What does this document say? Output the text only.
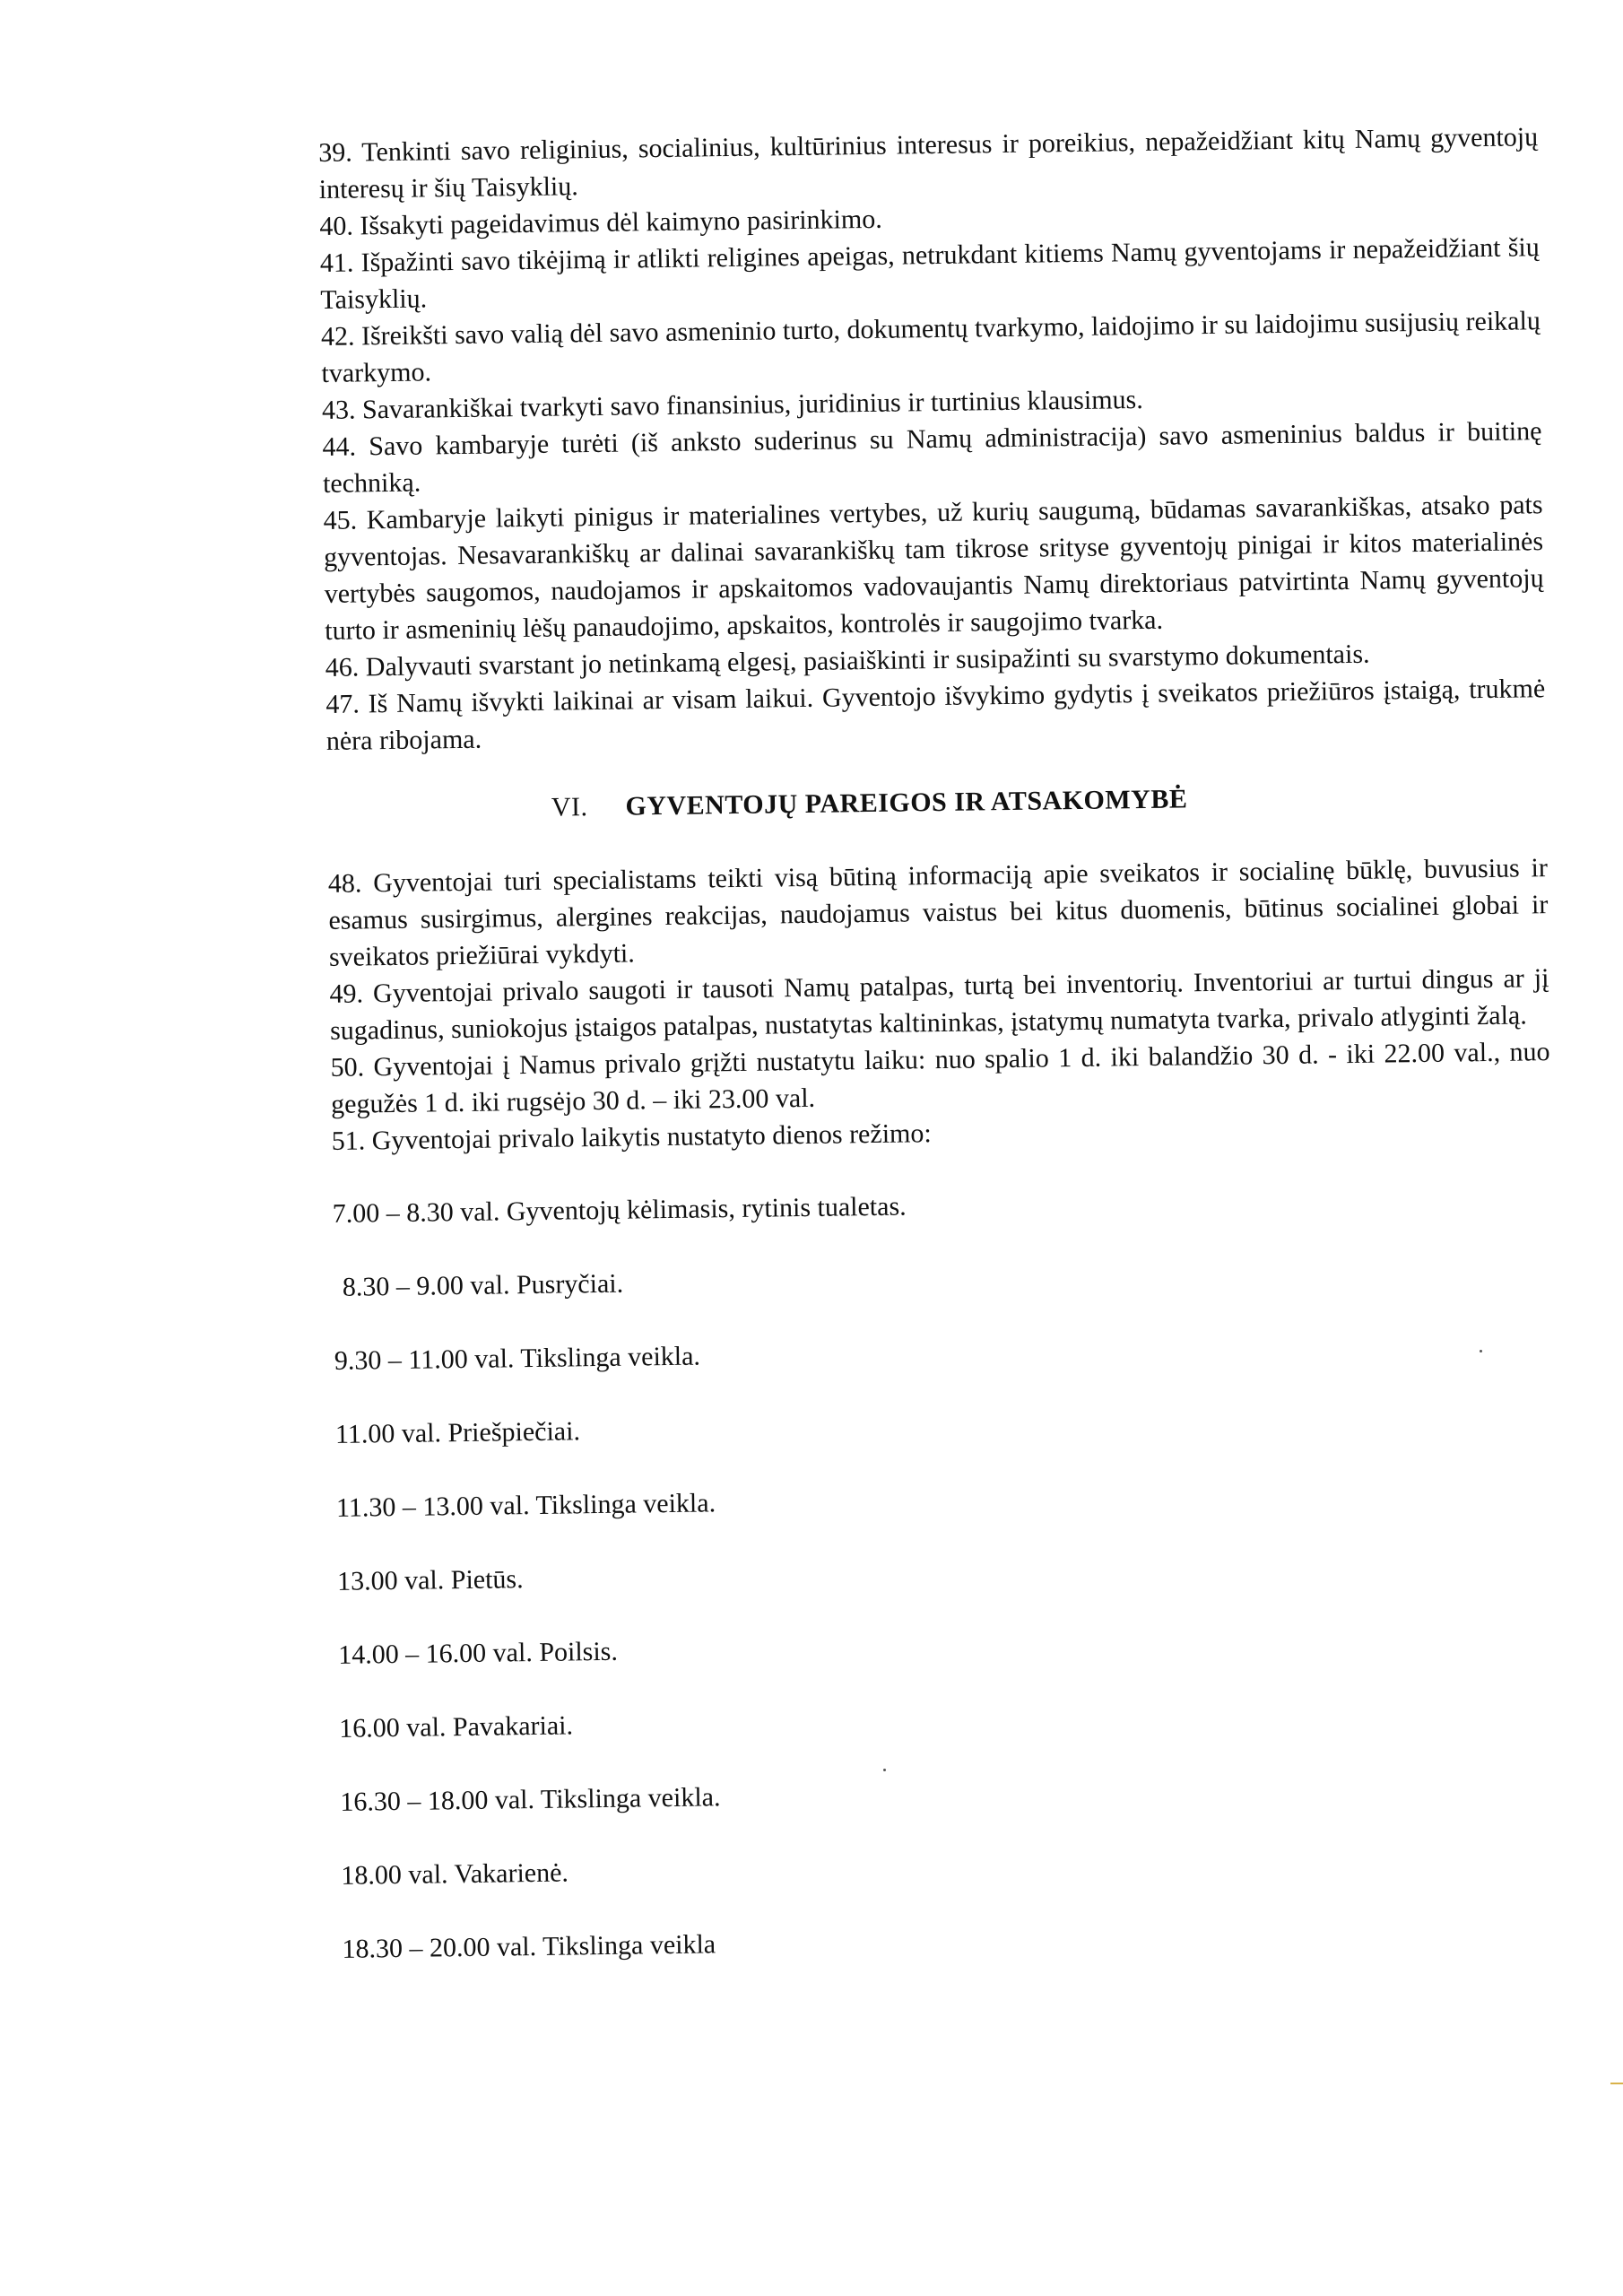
39. Tenkinti savo religinius, socialinius, kultūrinius interesus ir poreikius, nepažeidžiant kitų Namų gyventojų interesų ir šių Taisyklių.

40. Išsakyti pageidavimus dėl kaimyno pasirinkimo.

41. Išpažinti savo tikėjimą ir atlikti religines apeigas, netrukdant kitiems Namų gyventojams ir nepažeidžiant šių Taisyklių.

42. Išreikšti savo valią dėl savo asmeninio turto, dokumentų tvarkymo, laidojimo ir su laidojimu susijusių reikalų tvarkymo.

43. Savarankiškai tvarkyti savo finansinius, juridinius ir turtinius klausimus.

44. Savo kambaryje turėti (iš anksto suderinus su Namų administracija) savo asmeninius baldus ir buitinę techniką.

45. Kambaryje laikyti pinigus ir materialines vertybes, už kurių saugumą, būdamas savarankiškas, atsako pats gyventojas. Nesavarankiškų ar dalinai savarankiškų tam tikrose srityse gyventojų pinigai ir kitos materialinės vertybės saugomos, naudojamos ir apskaitomos vadovaujantis Namų direktoriaus patvirtinta Namų gyventojų turto ir asmeninių lėšų panaudojimo, apskaitos, kontrolės ir saugojimo tvarka.

46. Dalyvauti svarstant jo netinkamą elgesį, pasiaiškinti ir susipažinti su svarstymo dokumentais.

47. Iš Namų išvykti laikinai ar visam laikui. Gyventojo išvykimo gydytis į sveikatos priežiūros įstaigą, trukmė nėra ribojama.

VI. GYVENTOJŲ PAREIGOS IR ATSAKOMYBĖ

48. Gyventojai turi specialistams teikti visą būtiną informaciją apie sveikatos ir socialinę būklę, buvusius ir esamus susirgimus, alergines reakcijas, naudojamus vaistus bei kitus duomenis, būtinus socialinei globai ir sveikatos priežiūrai vykdyti.

49. Gyventojai privalo saugoti ir tausoti Namų patalpas, turtą bei inventorių. Inventoriui ar turtui dingus ar jį sugadinus, suniokojus įstaigos patalpas, nustatytas kaltininkas, įstatymų numatyta tvarka, privalo atlyginti žalą.

50. Gyventojai į Namus privalo grįžti nustatytu laiku: nuo spalio 1 d. iki balandžio 30 d. - iki 22.00 val., nuo gegužės 1 d. iki rugsėjo 30 d. – iki 23.00 val.

51. Gyventojai privalo laikytis nustatyto dienos režimo:

7.00 – 8.30 val. Gyventojų kėlimasis, rytinis tualetas.
8.30 – 9.00 val. Pusryčiai.
9.30 – 11.00 val. Tikslinga veikla.
11.00 val. Priešpiečiai.
11.30 – 13.00 val. Tikslinga veikla.
13.00 val. Pietūs.
14.00 – 16.00 val. Poilsis.
16.00 val. Pavakariai.
16.30 – 18.00 val. Tikslinga veikla.
18.00 val. Vakarienė.
18.30 – 20.00 val. Tikslinga veikla
